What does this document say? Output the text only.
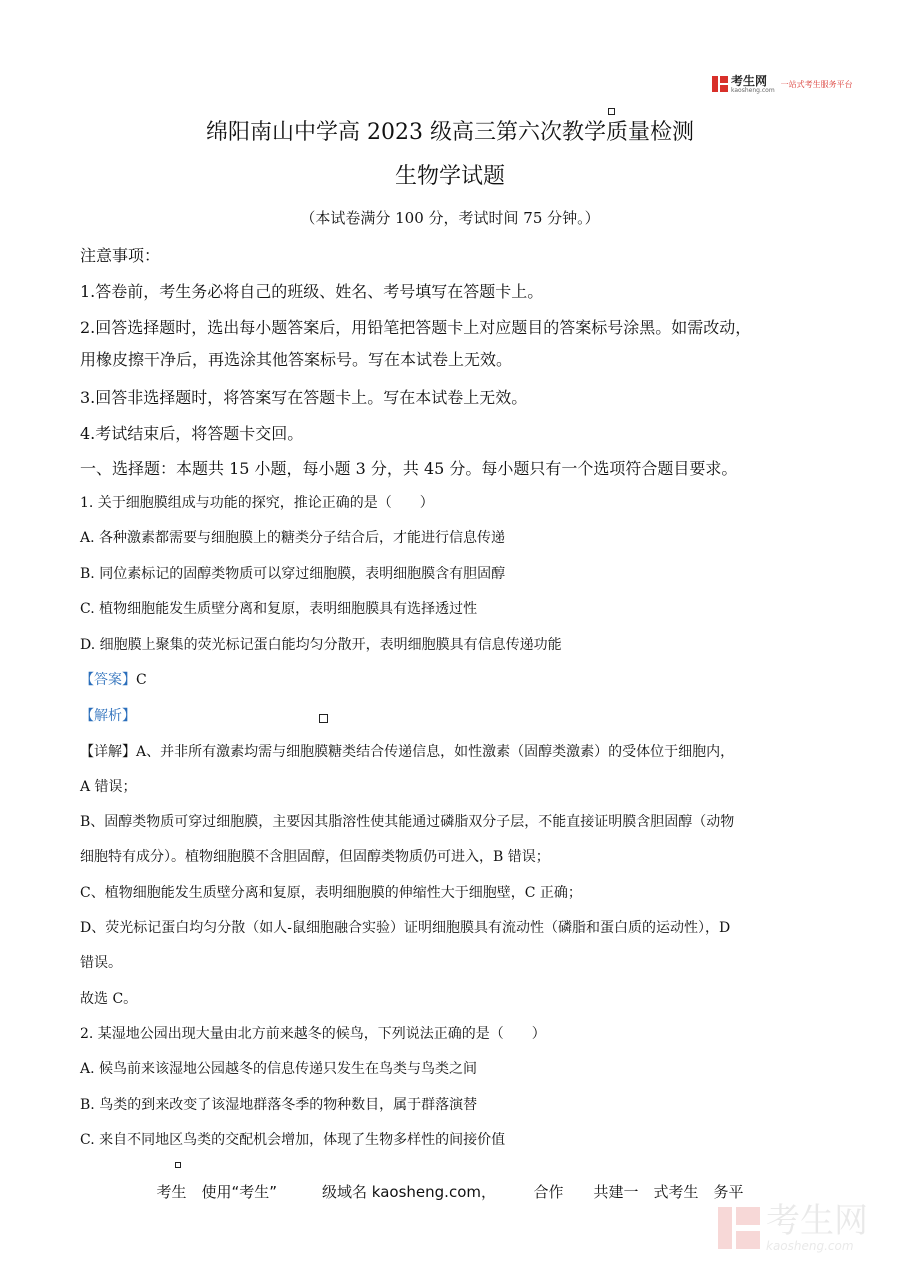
考生网
kaosheng.com
一站式考生服务平台
绵阳南山中学高 2023 级高三第六次教学质量检测
生物学试题
（本试卷满分 100 分，考试时间 75 分钟。）
注意事项：
1.答卷前，考生务必将自己的班级、姓名、考号填写在答题卡上。
2.回答选择题时，选出每小题答案后，用铅笔把答题卡上对应题目的答案标号涂黑。如需改动，
用橡皮擦干净后，再选涂其他答案标号。写在本试卷上无效。
3.回答非选择题时，将答案写在答题卡上。写在本试卷上无效。
4.考试结束后，将答题卡交回。
一、选择题：本题共 15 小题，每小题 3 分，共 45 分。每小题只有一个选项符合题目要求。
1. 关于细胞膜组成与功能的探究，推论正确的是（　　）
A. 各种激素都需要与细胞膜上的糖类分子结合后，才能进行信息传递
B. 同位素标记的固醇类物质可以穿过细胞膜，表明细胞膜含有胆固醇
C. 植物细胞能发生质壁分离和复原，表明细胞膜具有选择透过性
D. 细胞膜上聚集的荧光标记蛋白能均匀分散开，表明细胞膜具有信息传递功能
【答案】C
【解析】
【详解】A、并非所有激素均需与细胞膜糖类结合传递信息，如性激素（固醇类激素）的受体位于细胞内，
A 错误；
B、固醇类物质可穿过细胞膜，主要因其脂溶性使其能通过磷脂双分子层，不能直接证明膜含胆固醇（动物
细胞特有成分）。植物细胞膜不含胆固醇，但固醇类物质仍可进入，B 错误；
C、植物细胞能发生质壁分离和复原，表明细胞膜的伸缩性大于细胞壁，C 正确；
D、荧光标记蛋白均匀分散（如人-鼠细胞融合实验）证明细胞膜具有流动性（磷脂和蛋白质的运动性），D
错误。
故选 C。
2. 某湿地公园出现大量由北方前来越冬的候鸟，下列说法正确的是（　　）
A. 候鸟前来该湿地公园越冬的信息传递只发生在鸟类与鸟类之间
B. 鸟类的到来改变了该湿地群落冬季的物种数目，属于群落演替
C. 来自不同地区鸟类的交配机会增加，体现了生物多样性的间接价值
考生　使用“考生”　　　级域名 kaosheng.com，　　　合作　　共建一　式考生　务平
考生网
kaosheng.com
